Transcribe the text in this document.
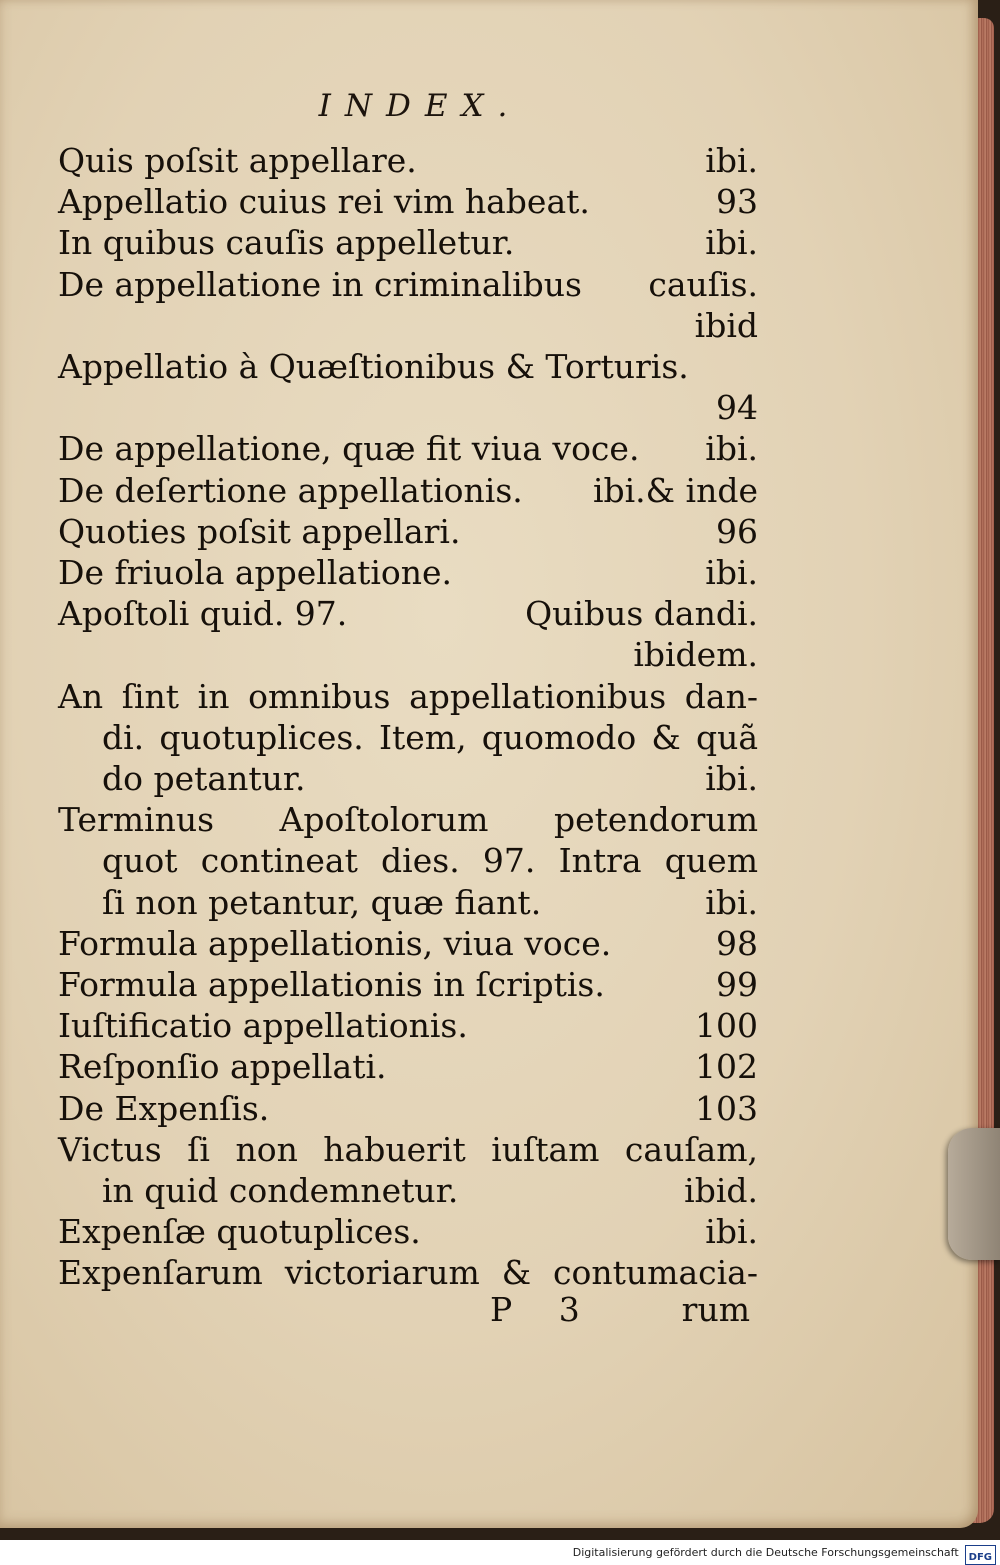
INDEX.
Quis poſsit appellare.	ibi.
Appellatio cuius rei vim habeat.	93
In quibus cauſis appelletur.	ibi.
De appellatione in criminalibus cauſis.
ibid
Appellatio à Quæſtionibus & Torturis.
94
De appellatione, quæ fit viua voce. ibi.
De deſertione appellationis. ibi.& inde
Quoties poſsit appellari.	96
De friuola appellatione.	ibi.
Apoſtoli quid. 97.	Quibus dandi.
ibidem.
An ſint in omnibus appellationibus dan-
di. quotuplices. Item, quomodo & quã
do petantur.	ibi.
Terminus Apoſtolorum petendorum
quot contineat dies. 97. Intra quem
ſi non petantur, quæ fiant.	ibi.
Formula appellationis, viua voce.	98
Formula appellationis in ſcriptis.	99
Iuſtificatio appellationis.	100
Reſponſio appellati.	102
De Expenſis.	103
Victus ſi non habuerit iuſtam cauſam,
in quid condemnetur.	ibid.
Expenſæ quotuplices.	ibi.
Expenſarum victoriarum & contumacia-
P 3	rum
Digitalisierung gefördert durch die Deutsche Forschungsgemeinschaft DFG
